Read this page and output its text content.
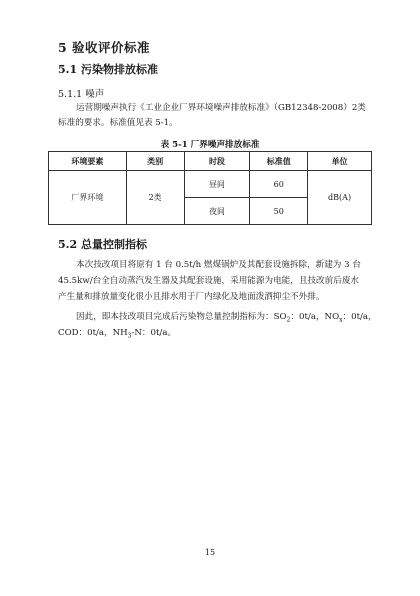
5 验收评价标准
5.1 污染物排放标准
5.1.1 噪声
运营期噪声执行《工业企业厂界环境噪声排放标准》（GB12348-2008）2类
标准的要求。标准值见表 5-1。
表 5-1 厂界噪声排放标准
环境要素	类别	时段	标准值	单位
厂界环境	2类	昼间	60	dB(A)
		夜间	50	
5.2 总量控制指标
本次技改项目将原有 1 台 0.5t/h 燃煤锅炉及其配套设施拆除，新建为 3 台
45.5kw/台全自动蒸汽发生器及其配套设施，采用能源为电能，且技改前后废水
产生量和排放量变化很小且排水用于厂内绿化及地面泼洒抑尘不外排。
因此，即本技改项目完成后污染物总量控制指标为：$SO_2$：0t/a，$NO_x$：0t/a，
COD：0t/a，$NH_3-N$：0t/a。
15
